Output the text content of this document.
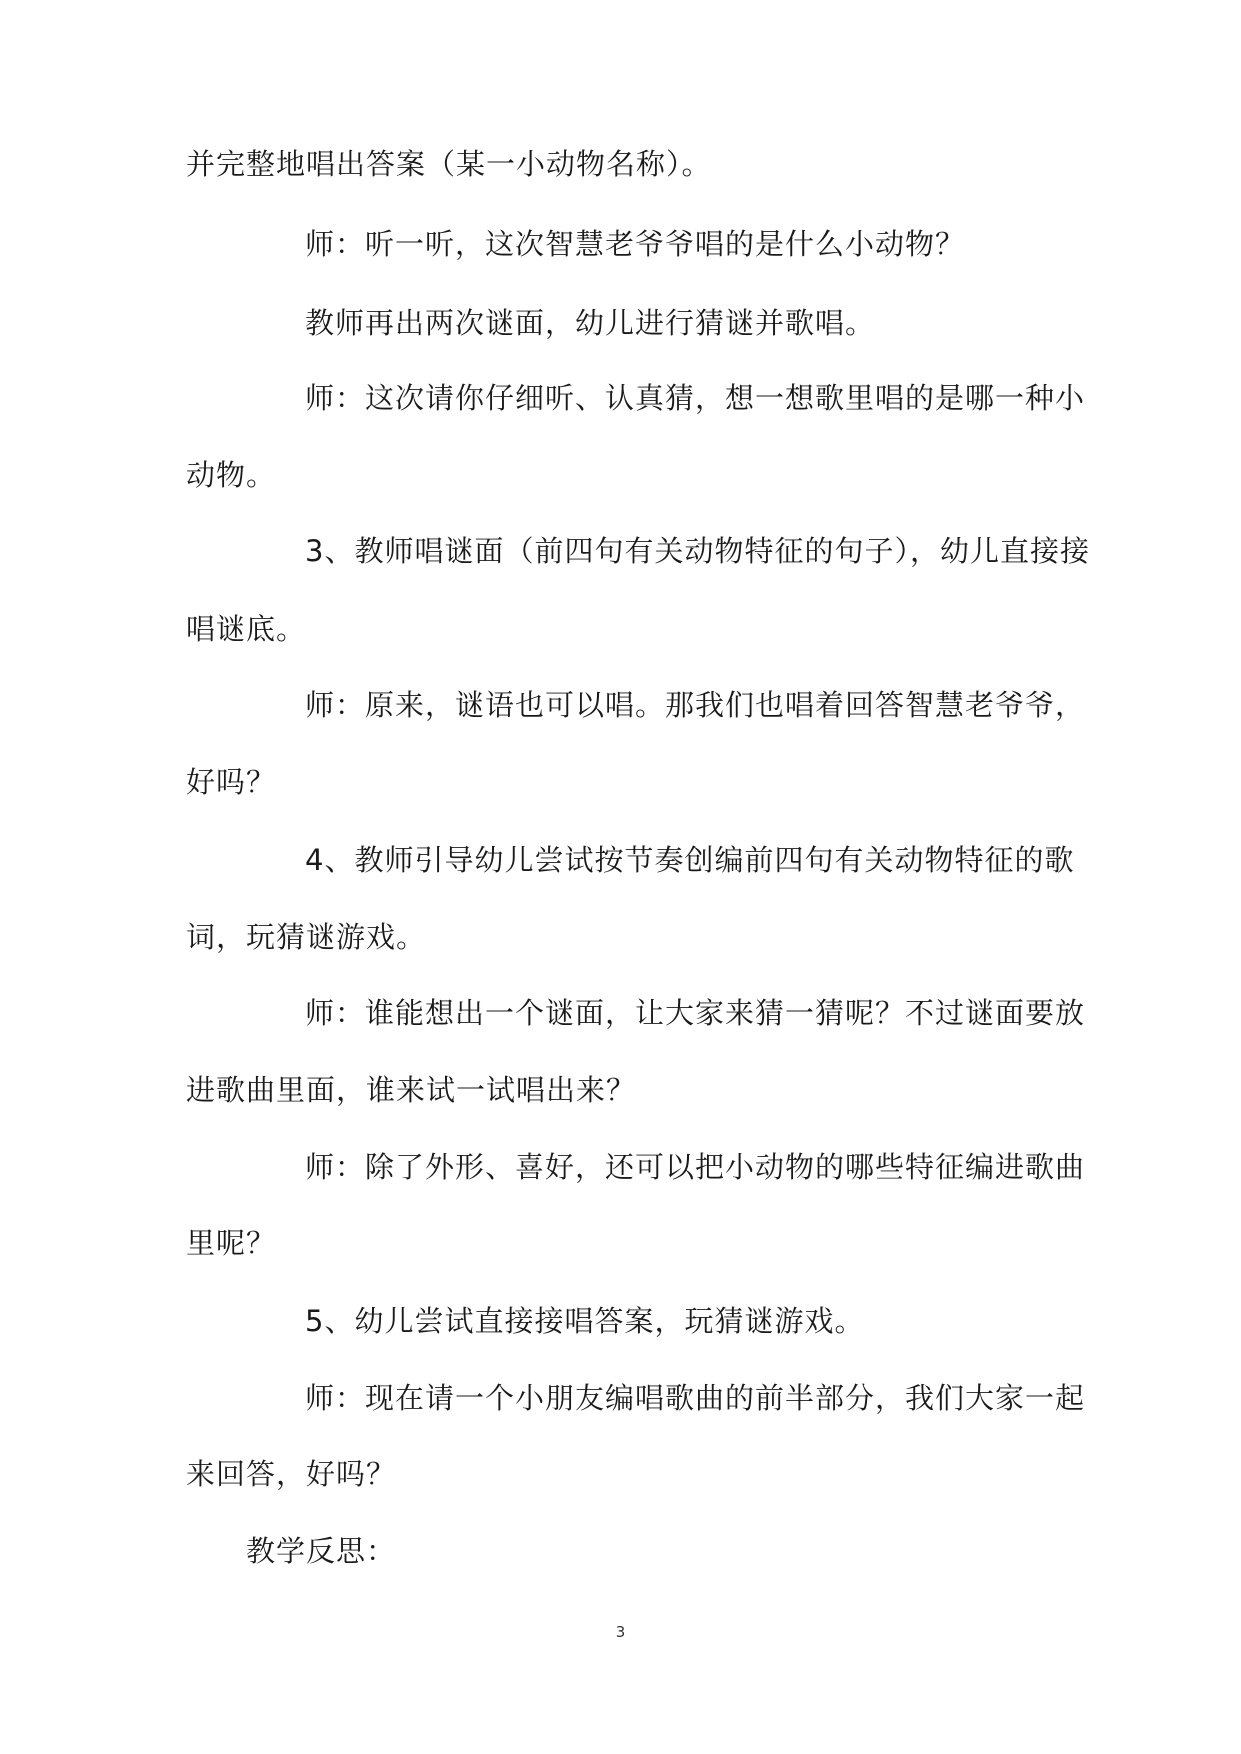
并完整地唱出答案（某一小动物名称）。
师：听一听，这次智慧老爷爷唱的是什么小动物？
教师再出两次谜面，幼儿进行猜谜并歌唱。
师：这次请你仔细听、认真猜，想一想歌里唱的是哪一种小
动物。
3、教师唱谜面（前四句有关动物特征的句子），幼儿直接接
唱谜底。
师：原来，谜语也可以唱。那我们也唱着回答智慧老爷爷，
好吗？
4、教师引导幼儿尝试按节奏创编前四句有关动物特征的歌
词，玩猜谜游戏。
师：谁能想出一个谜面，让大家来猜一猜呢？不过谜面要放
进歌曲里面，谁来试一试唱出来？
师：除了外形、喜好，还可以把小动物的哪些特征编进歌曲
里呢？
5、幼儿尝试直接接唱答案，玩猜谜游戏。
师：现在请一个小朋友编唱歌曲的前半部分，我们大家一起
来回答，好吗？
教学反思：
3
